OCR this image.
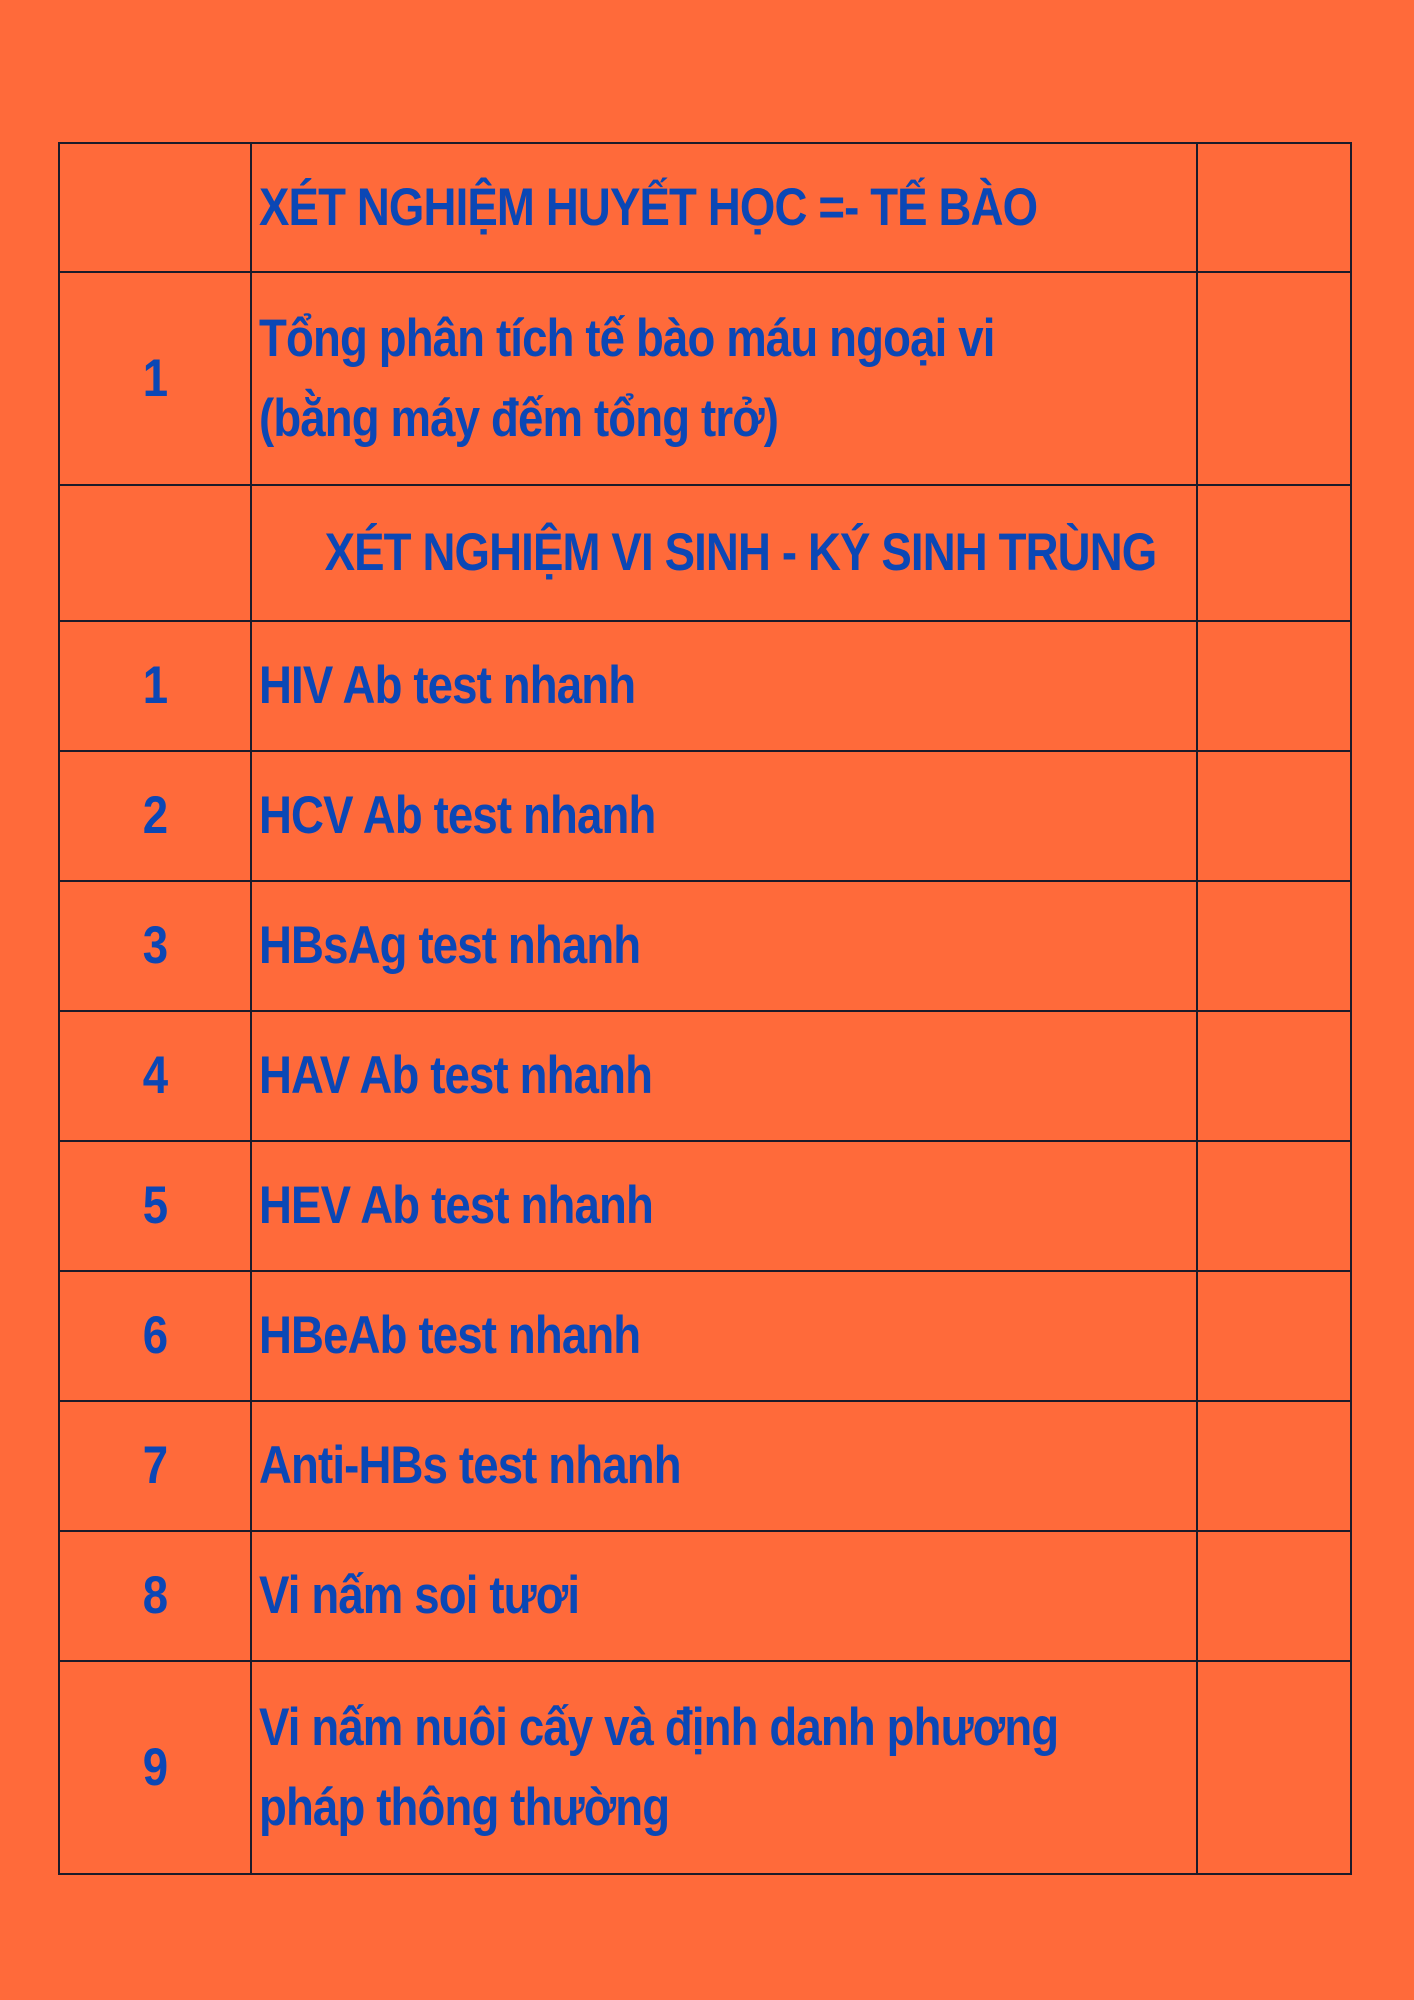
	XÉT NGHIỆM HUYẾT HỌC =- TẾ BÀO	

1	Tổng phân tích tế bào máu ngoại vi
(bằng máy đếm tổng trở)	

	XÉT NGHIỆM VI SINH - KÝ SINH TRÙNG	

1	HIV Ab test nhanh	

2	HCV Ab test nhanh	

3	HBsAg test nhanh	

4	HAV Ab test nhanh	

5	HEV Ab test nhanh	

6	HBeAb test nhanh	

7	Anti-HBs test nhanh	

8	Vi nấm soi tươi	

9	Vi nấm nuôi cấy và định danh phương
pháp thông thường	
